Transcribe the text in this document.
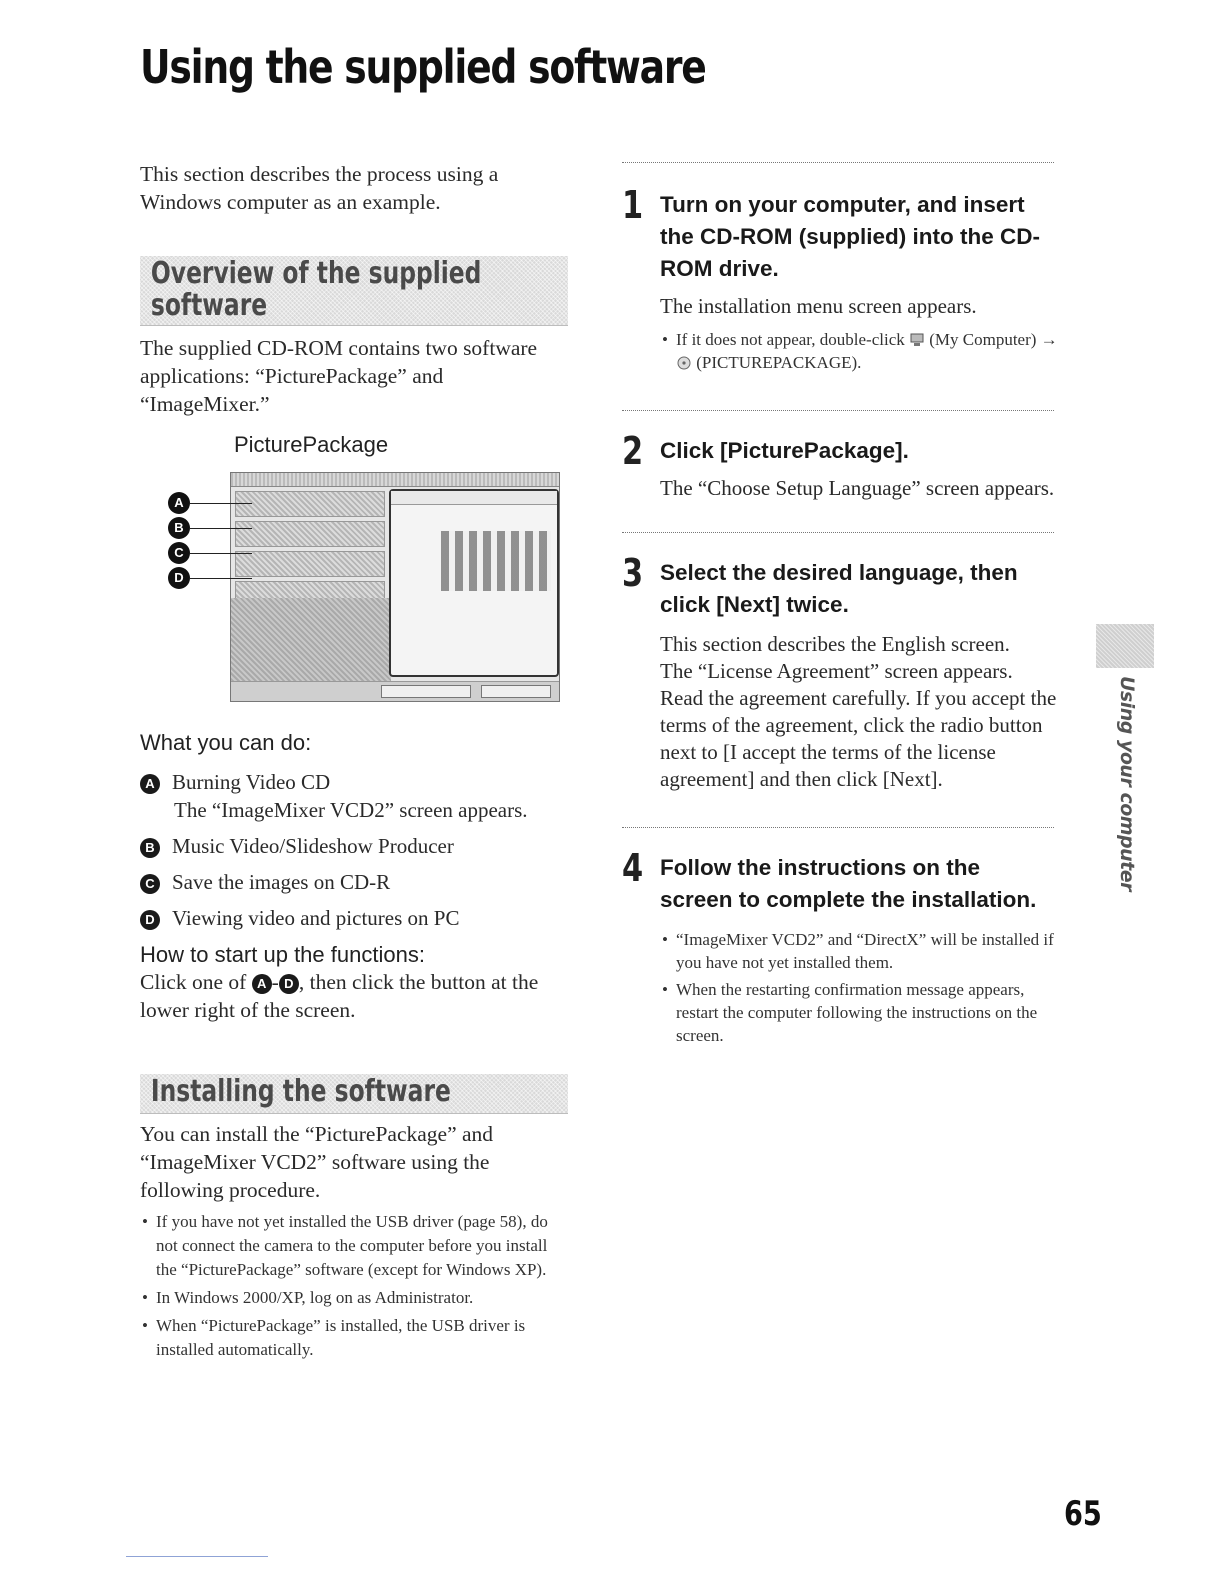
Using the supplied software

This section describes the process using a Windows computer as an example.

Overview of the supplied software

The supplied CD-ROM contains two software applications: “PicturePackage” and “ImageMixer.”

PicturePackage
A
B
C
D
What you can do:
A Burning Video CD
The “ImageMixer VCD2” screen appears.
B Music Video/Slideshow Producer
C Save the images on CD-R
D Viewing video and pictures on PC
How to start up the functions:

Click one of A - D , then click the button at the lower right of the screen.

Installing the software

You can install the “PicturePackage” and “ImageMixer VCD2” software using the following procedure.

• If you have not yet installed the USB driver (page 58), do not connect the camera to the computer before you install the “PicturePackage” software (except for Windows XP).

• In Windows 2000/XP, log on as Administrator.

• When “PicturePackage” is installed, the USB driver is installed automatically.

1 Turn on your computer, and insert the CD-ROM (supplied) into the CD-ROM drive.

The installation menu screen appears.

• If it does not appear, double-click  (My Computer) →  (PICTUREPACKAGE).

2 Click [PicturePackage].

The “Choose Setup Language” screen appears.

3 Select the desired language, then click [Next] twice.

This section describes the English screen.

The “License Agreement” screen appears.

Read the agreement carefully. If you accept the terms of the agreement, click the radio button next to [I accept the terms of the license agreement] and then click [Next].

4 Follow the instructions on the screen to complete the installation.

• “ImageMixer VCD2” and “DirectX” will be installed if you have not yet installed them.

• When the restarting confirmation message appears, restart the computer following the instructions on the screen.

Using your computer
65
